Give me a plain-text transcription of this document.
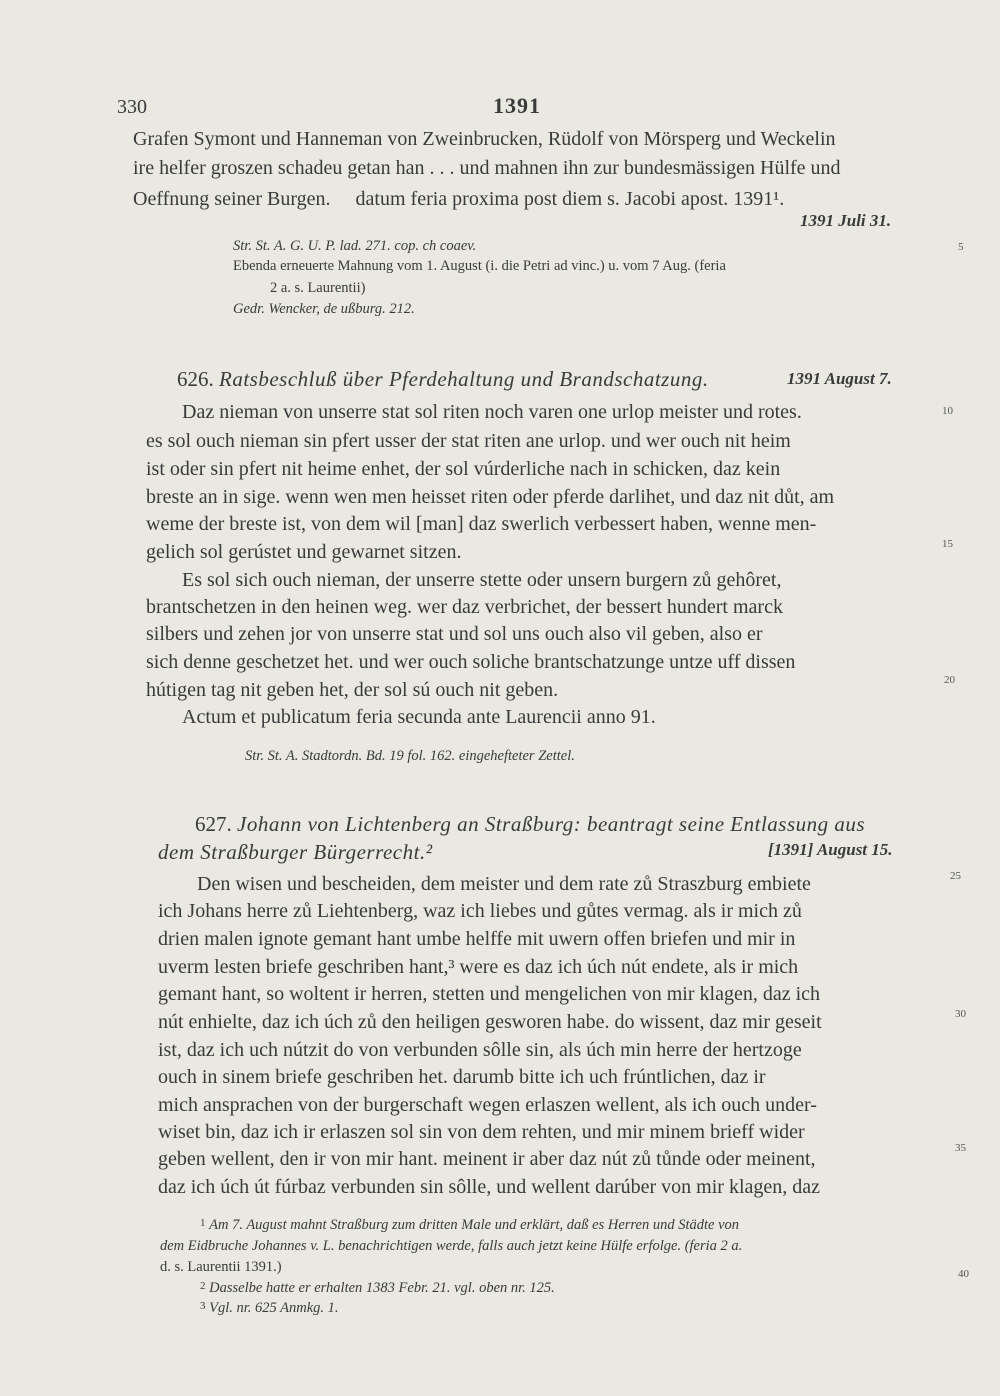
330	1391
Grafen Symont und Hanneman von Zweinbrucken, Rüdolf von Mörsperg und Weckelin
ire helfer groszen schadeu getan han . . . und mahnen ihn zur bundesmässigen Hülfe und
Oeffnung seiner Burgen.     datum feria proxima post diem s. Jacobi apost. 1391¹.
1391 Juli 31.
Str. St. A. G. U. P. lad. 271. cop. ch coaev.
Ebenda erneuerte Mahnung vom 1. August (i. die Petri ad vinc.) u. vom 7 Aug. (feria
2 a. s. Laurentii)
Gedr. Wencker, de ußburg. 212.
626. Ratsbeschluß über Pferdehaltung und Brandschatzung.	1391 August 7.
Daz nieman von unserre stat sol riten noch varen one urlop meister und rotes.
es sol ouch nieman sin pfert usser der stat riten ane urlop. und wer ouch nit heim
ist oder sin pfert nit heime enhet, der sol vúrderliche nach in schicken, daz kein
breste an in sige. wenn wen men heisset riten oder pferde darlihet, und daz nit důt, am
weme der breste ist, von dem wil [man] daz swerlich verbessert haben, wenne men-
gelich sol gerústet und gewarnet sitzen.
Es sol sich ouch nieman, der unserre stette oder unsern burgern zů gehôret,
brantschetzen in den heinen weg. wer daz verbrichet, der bessert hundert marck
silbers und zehen jor von unserre stat und sol uns ouch also vil geben, also er
sich denne geschetzet het. und wer ouch soliche brantschatzunge untze uff dissen
hútigen tag nit geben het, der sol sú ouch nit geben.
Actum et publicatum feria secunda ante Laurencii anno 91.
Str. St. A. Stadtordn. Bd. 19 fol. 162. eingehefteter Zettel.
627. Johann von Lichtenberg an Straßburg: beantragt seine Entlassung aus
dem Straßburger Bürgerrecht.²	[1391] August 15.
Den wisen und bescheiden, dem meister und dem rate zů Straszburg embiete
ich Johans herre zů Liehtenberg, waz ich liebes und gůtes vermag. als ir mich zů
drien malen ignote gemant hant umbe helffe mit uwern offen briefen und mir in
uverm lesten briefe geschriben hant,³ were es daz ich úch nút endete, als ir mich
gemant hant, so woltent ir herren, stetten und mengelichen von mir klagen, daz ich
nút enhielte, daz ich úch zů den heiligen gesworen habe. do wissent, daz mir geseit
ist, daz ich uch nútzit do von verbunden sôlle sin, als úch min herre der hertzoge
ouch in sinem briefe geschriben het. darumb bitte ich uch frúntlichen, daz ir
mich ansprachen von der burgerschaft wegen erlaszen wellent, als ich ouch under-
wiset bin, daz ich ir erlaszen sol sin von dem rehten, und mir minem brieff wider
geben wellent, den ir von mir hant. meinent ir aber daz nút zů tůnde oder meinent,
daz ich úch út fúrbaz verbunden sin sôlle, und wellent darúber von mir klagen, daz
$^1$ Am 7. August mahnt Straßburg zum dritten Male und erklärt, daß es Herren und Städte von
dem Eidbruche Johannes v. L. benachrichtigen werde, falls auch jetzt keine Hülfe erfolge. (feria 2 a.
d. s. Laurentii 1391.)
$^2$ Dasselbe hatte er erhalten 1383 Febr. 21. vgl. oben nr. 125.
$^3$ Vgl. nr. 625 Anmkg. 1.
5
10
15
20
25
30
35
40
